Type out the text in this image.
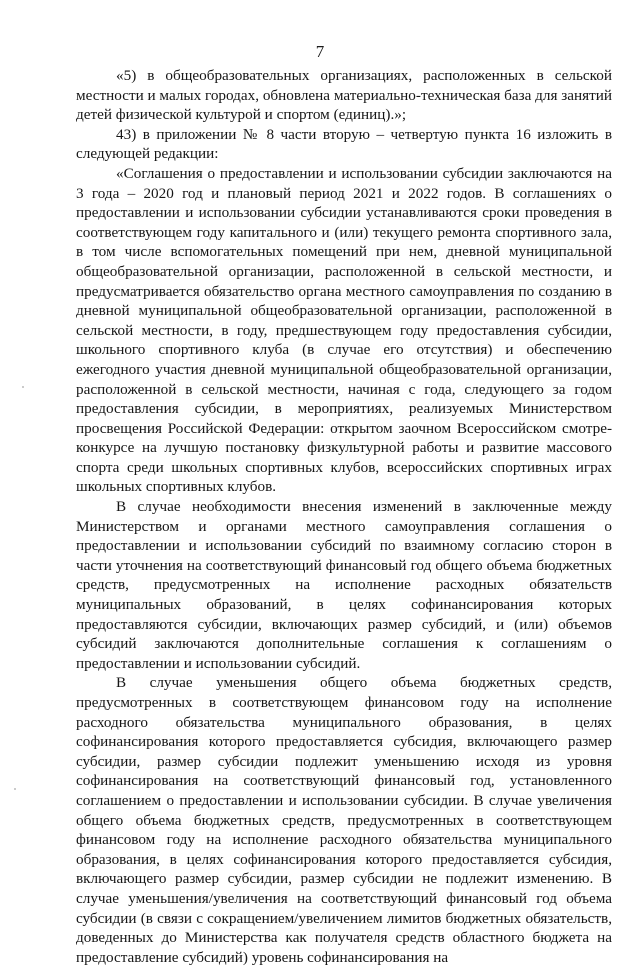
7

«5) в общеобразовательных организациях, расположенных в сельской местности и малых городах, обновлена материально-техническая база для занятий детей физической культурой и спортом (единиц).»;

43) в приложении № 8 части вторую – четвертую пункта 16 изложить в следующей редакции:

«Соглашения о предоставлении и использовании субсидии заключаются на 3 года – 2020 год и плановый период 2021 и 2022 годов. В соглашениях о предоставлении и использовании субсидии устанавливаются сроки проведения в соответствующем году капитального и (или) текущего ремонта спортивного зала, в том числе вспомогательных помещений при нем, дневной муниципальной общеобразовательной организации, расположенной в сельской местности, и предусматривается обязательство органа местного самоуправления по созданию в дневной муниципальной общеобразовательной организации, расположенной в сельской местности, в году, предшествующем году предоставления субсидии, школьного спортивного клуба (в случае его отсутствия) и обеспечению ежегодного участия дневной муниципальной общеобразовательной организации, расположенной в сельской местности, начиная с года, следующего за годом предоставления субсидии, в мероприятиях, реализуемых Министерством просвещения Российской Федерации: открытом заочном Всероссийском смотре-конкурсе на лучшую постановку физкультурной работы и развитие массового спорта среди школьных спортивных клубов, всероссийских спортивных играх школьных спортивных клубов.

В случае необходимости внесения изменений в заключенные между Министерством и органами местного самоуправления соглашения о предоставлении и использовании субсидий по взаимному согласию сторон в части уточнения на соответствующий финансовый год общего объема бюджетных средств, предусмотренных на исполнение расходных обязательств муниципальных образований, в целях софинансирования которых предоставляются субсидии, включающих размер субсидий, и (или) объемов субсидий заключаются дополнительные соглашения к соглашениям о предоставлении и использовании субсидий.

В случае уменьшения общего объема бюджетных средств, предусмотренных в соответствующем финансовом году на исполнение расходного обязательства муниципального образования, в целях софинансирования которого предоставляется субсидия, включающего размер субсидии, размер субсидии подлежит уменьшению исходя из уровня софинансирования на соответствующий финансовый год, установленного соглашением о предоставлении и использовании субсидии. В случае увеличения общего объема бюджетных средств, предусмотренных в соответствующем финансовом году на исполнение расходного обязательства муниципального образования, в целях софинансирования которого предоставляется субсидия, включающего размер субсидии, размер субсидии не подлежит изменению. В случае уменьшения/увеличения на соответствующий финансовый год объема субсидии (в связи с сокращением/увеличением лимитов бюджетных обязательств, доведенных до Министерства как получателя средств областного бюджета на предоставление субсидий) уровень софинансирования на
